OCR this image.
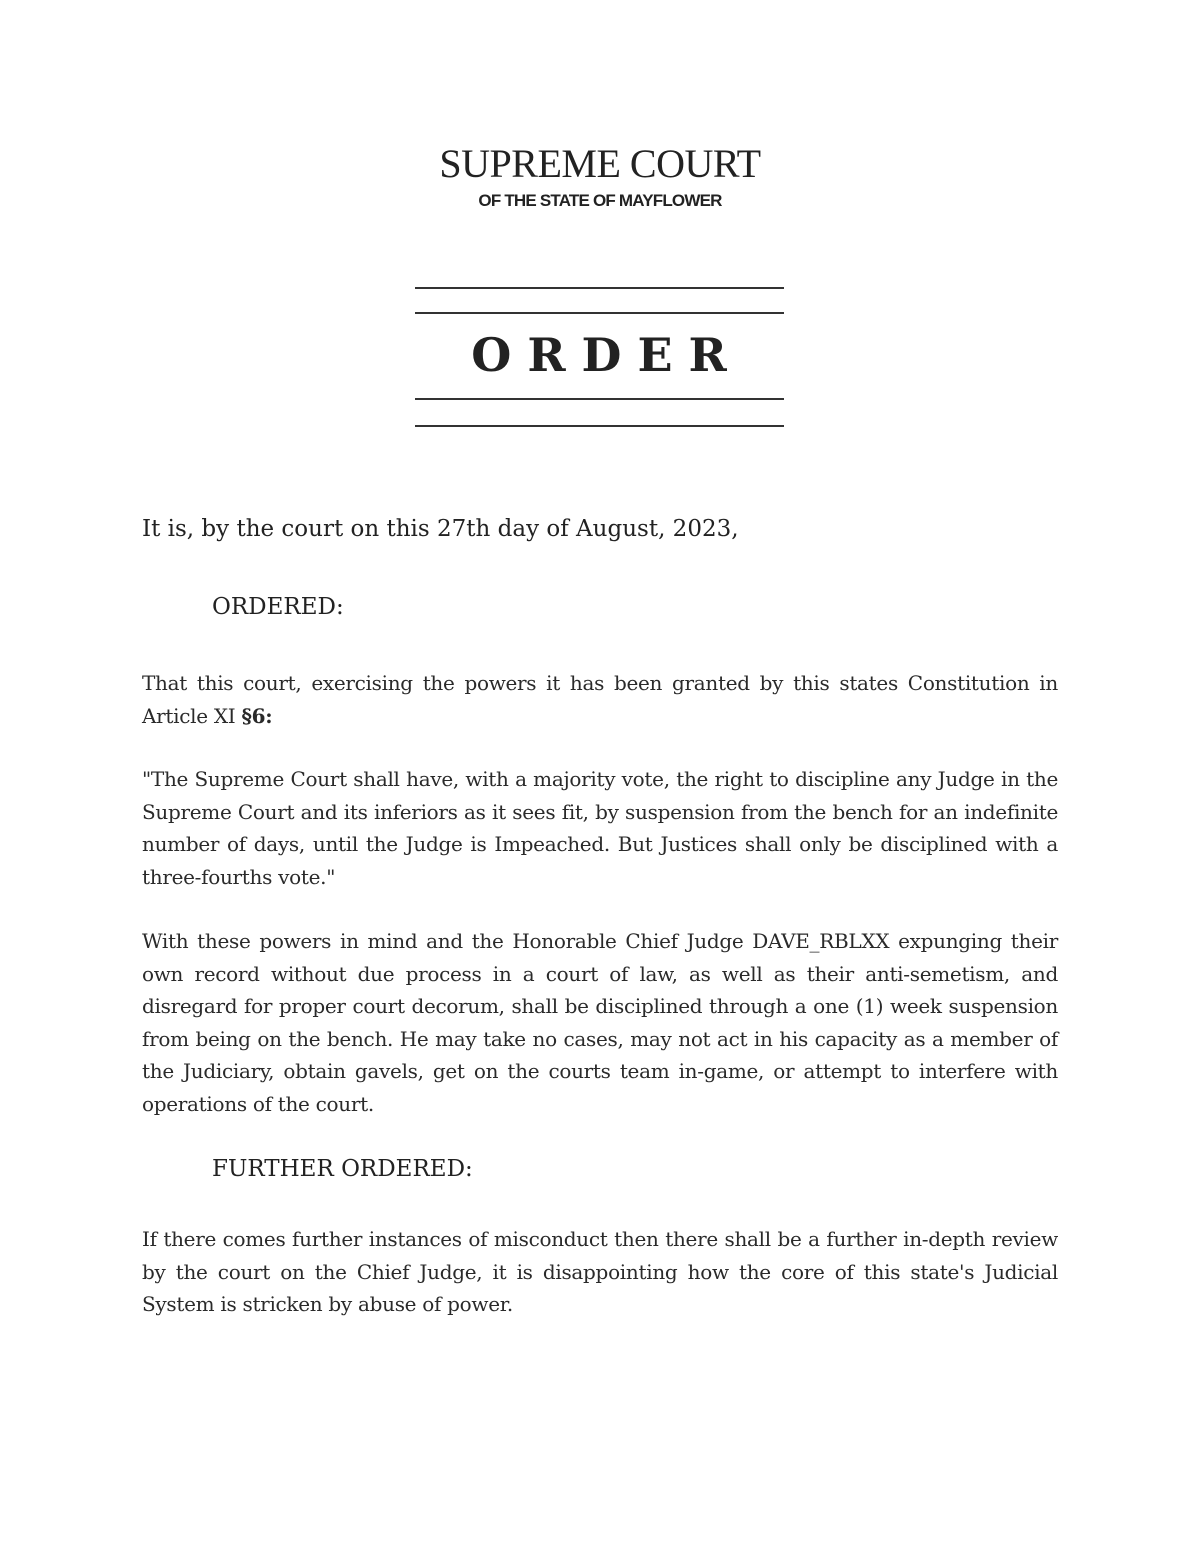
SUPREME COURT
OF THE STATE OF MAYFLOWER
ORDER
It is, by the court on this 27th day of August, 2023,
ORDERED:
That this court, exercising the powers it has been granted by this states Constitution in Article XI §6:
"The Supreme Court shall have, with a majority vote, the right to discipline any Judge in the Supreme Court and its inferiors as it sees fit, by suspension from the bench for an indefinite number of days, until the Judge is Impeached. But Justices shall only be disciplined with a three-fourths vote."
With these powers in mind and the Honorable Chief Judge DAVE_RBLXX expunging their own record without due process in a court of law, as well as their anti-semetism, and disregard for proper court decorum, shall be disciplined through a one (1) week suspension from being on the bench. He may take no cases, may not act in his capacity as a member of the Judiciary, obtain gavels, get on the courts team in-game, or attempt to interfere with operations of the court.
FURTHER ORDERED:
If there comes further instances of misconduct then there shall be a further in-depth review by the court on the Chief Judge, it is disappointing how the core of this state's Judicial System is stricken by abuse of power.
